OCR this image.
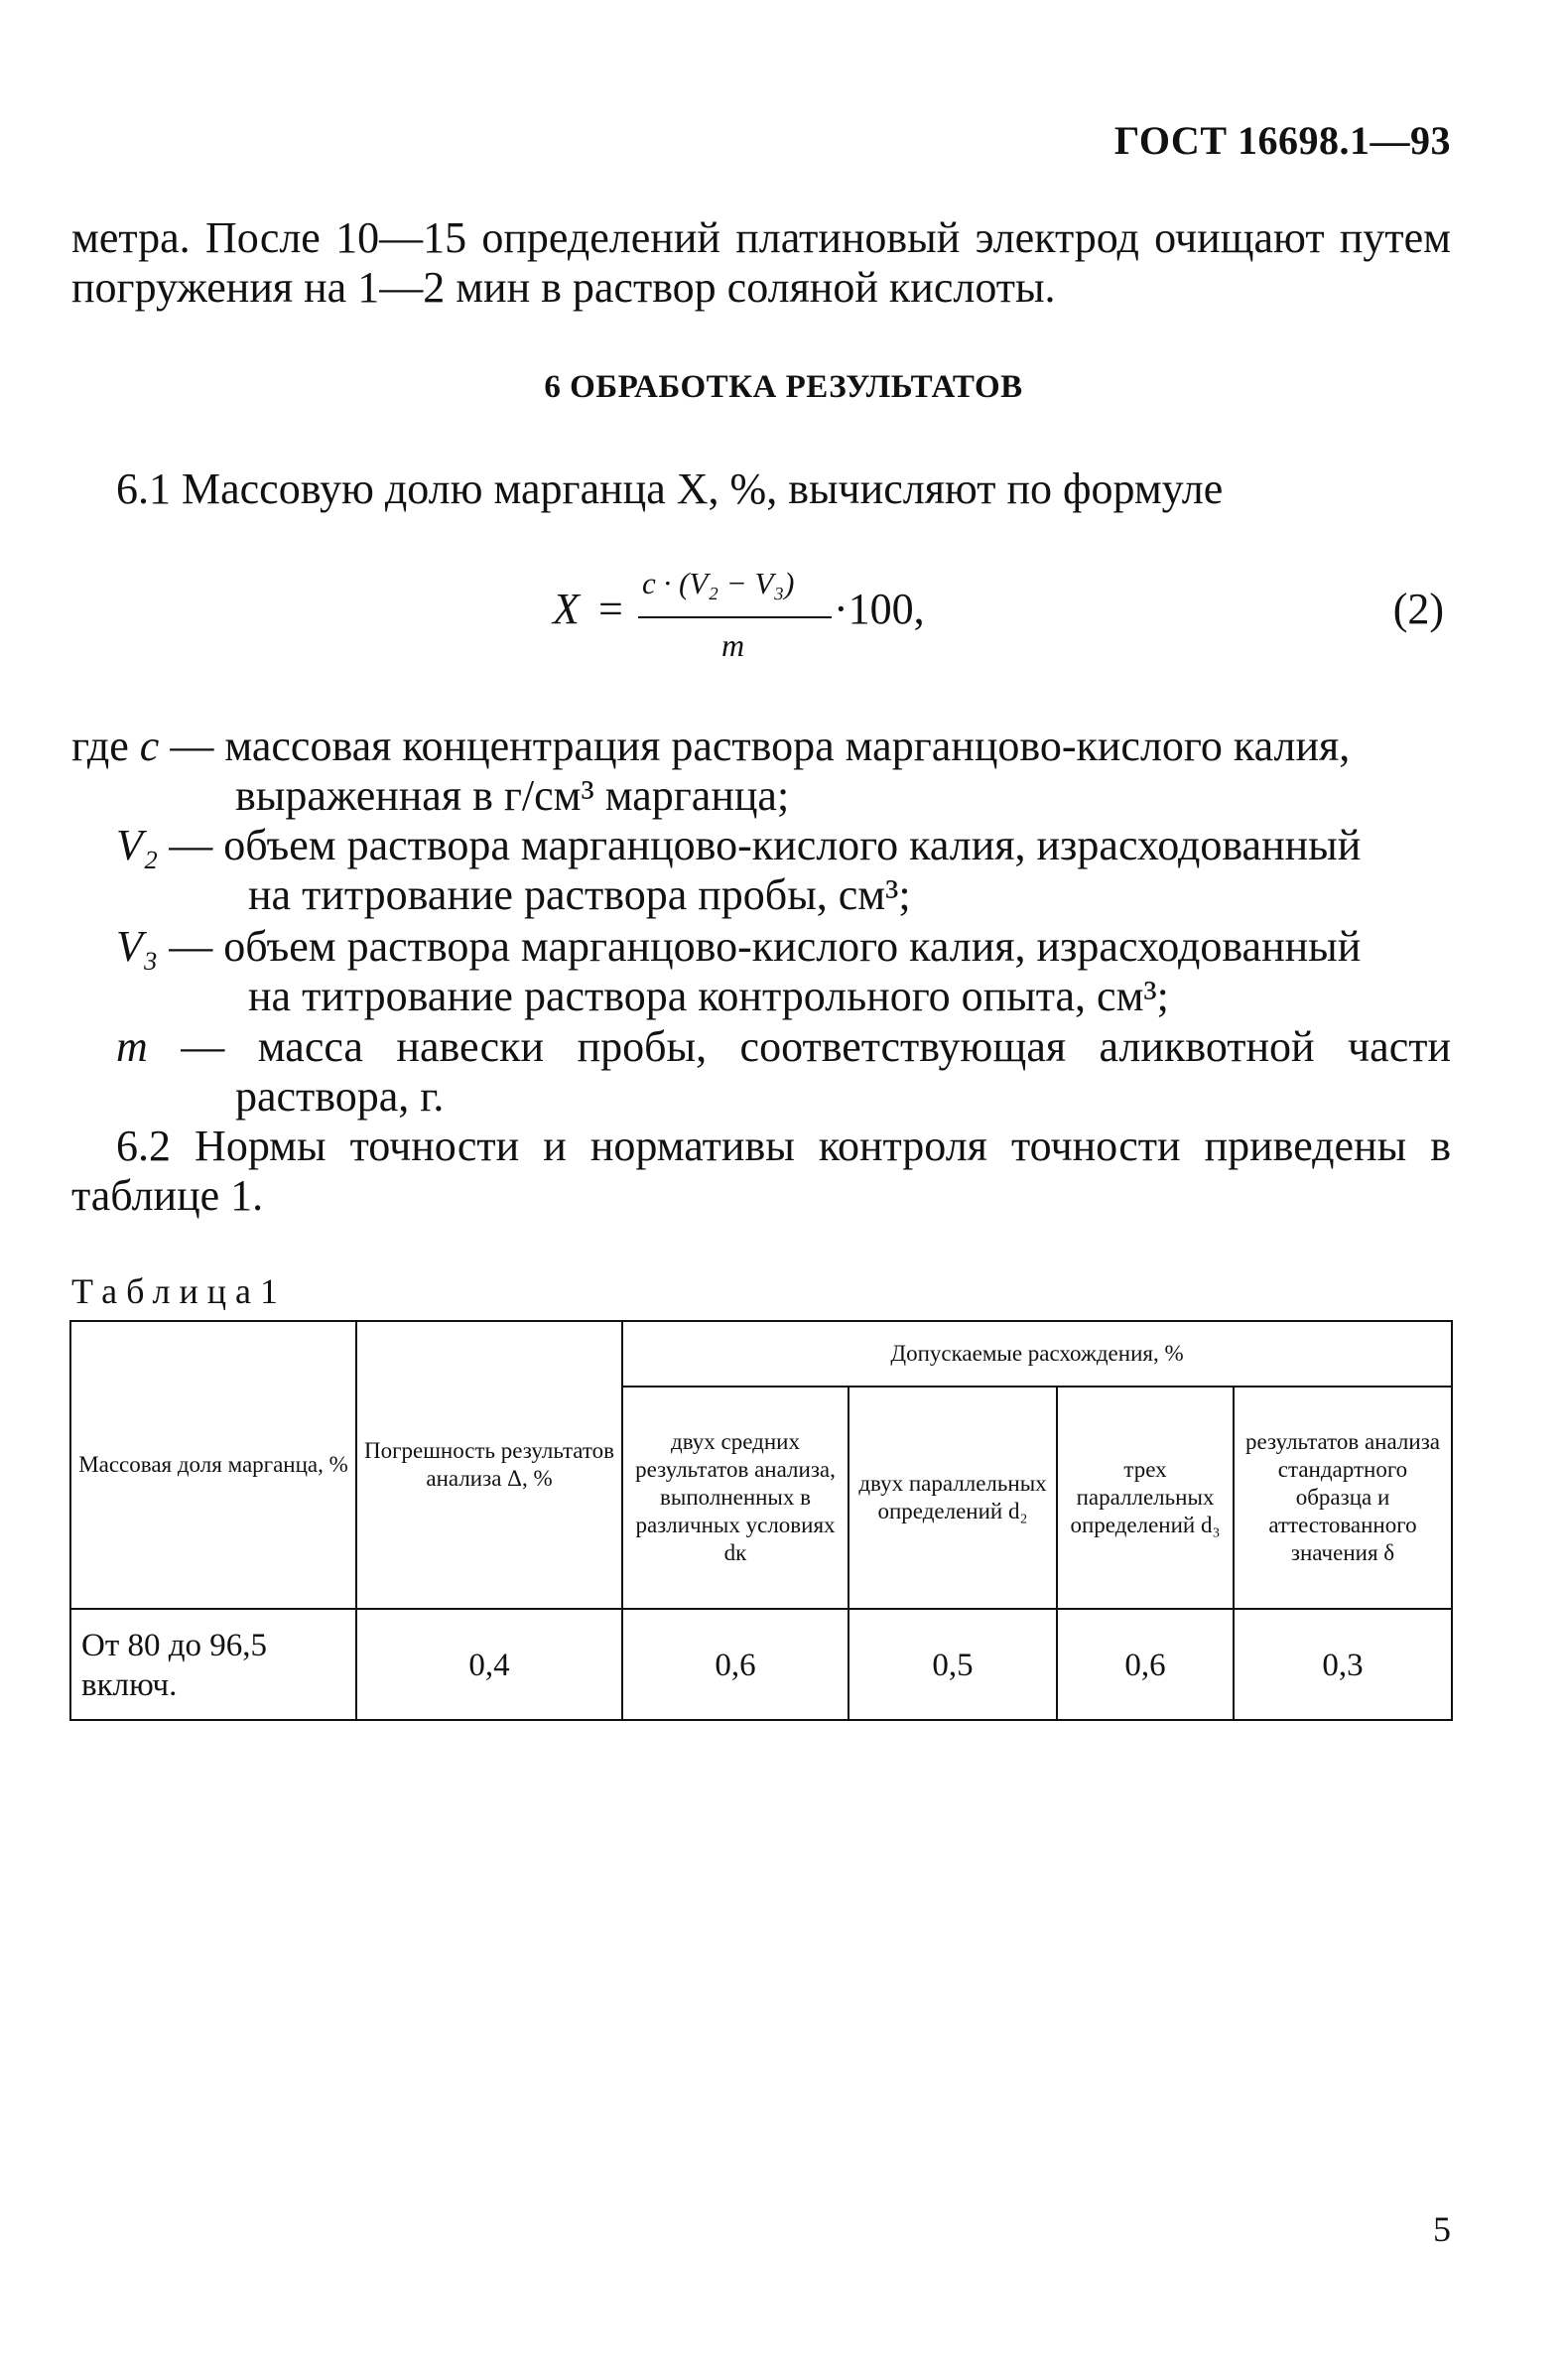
ГОСТ 16698.1—93
метра. После 10—15 определений платиновый электрод очищают путем погружения на 1—2 мин в раствор соляной кислоты.
6 ОБРАБОТКА РЕЗУЛЬТАТОВ
6.1 Массовую долю марганца X, %, вычисляют по формуле
X =
c · (V₂ − V₃)
m
·100,	(2)
где c — массовая концентрация раствора марганцово-кислого калия,
выраженная в г/см³ марганца;
V₂ — объем раствора марганцово-кислого калия, израсходованный
на титрование раствора пробы, см³;
V₃ — объем раствора марганцово-кислого калия, израсходованный
на титрование раствора контрольного опыта, см³;
m — масса навески пробы, соответствующая аликвотной части
раствора, г.
6.2 Нормы точности и нормативы контроля точности приведены в таблице 1.
Таблица1
Массовая доля марганца, %	Погрешность результатов анализа Δ, %	Допускаемые расхождения, %			
		двух средних результатов анализа, выполненных в различных условиях dк	двух параллельных определений d₂	трех параллельных определений d₃	результатов анализа стандартного образца и аттестованного значения δ
От 80 до 96,5 включ.	0,4	0,6	0,5	0,6	0,3
5
